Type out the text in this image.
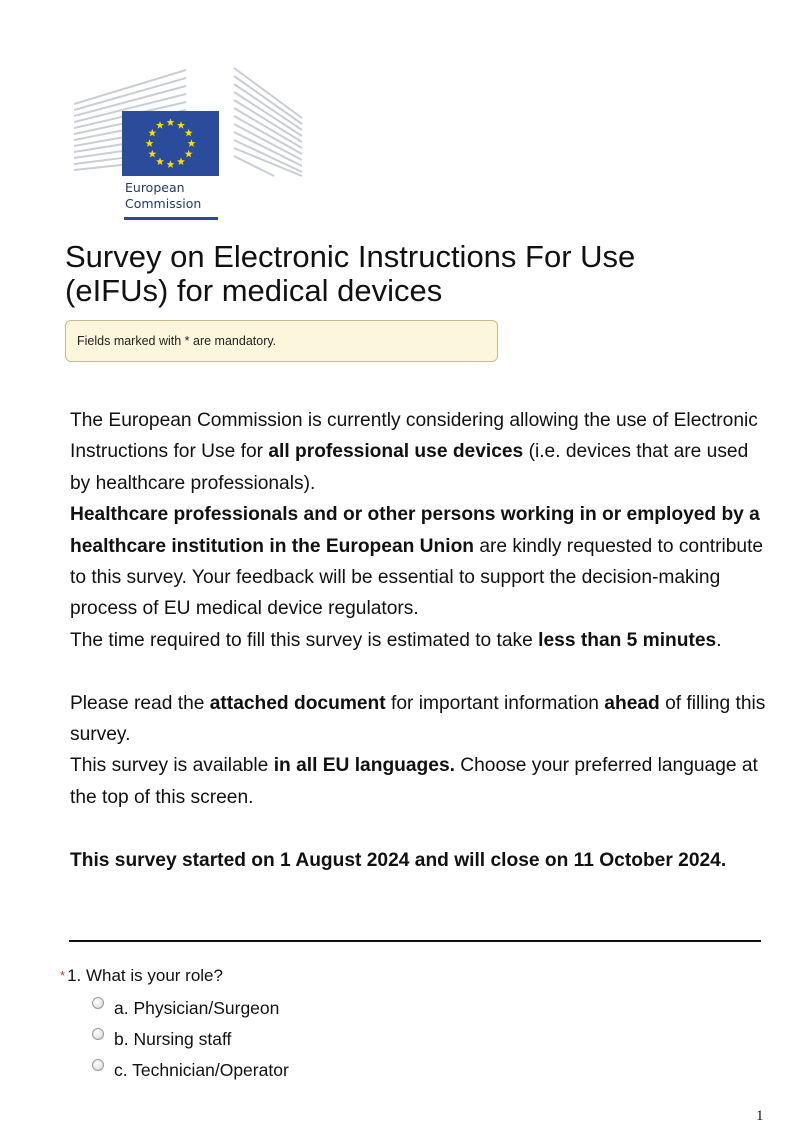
European
Commission
Survey on Electronic Instructions For Use
(eIFUs) for medical devices
Fields marked with * are mandatory.

The European Commission is currently considering allowing the use of Electronic Instructions for Use for all professional use devices (i.e. devices that are used by healthcare professionals).

Healthcare professionals and or other persons working in or employed by a healthcare institution in the European Union are kindly requested to contribute to this survey. Your feedback will be essential to support the decision-making process of EU medical device regulators.

The time required to fill this survey is estimated to take less than 5 minutes.

Please read the attached document for important information ahead of filling this survey.

This survey is available in all EU languages. Choose your preferred language at the top of this screen.

This survey started on 1 August 2024 and will close on 11 October 2024.

* 1. What is your role?
a. Physician/Surgeon
b. Nursing staff
c. Technician/Operator
1
